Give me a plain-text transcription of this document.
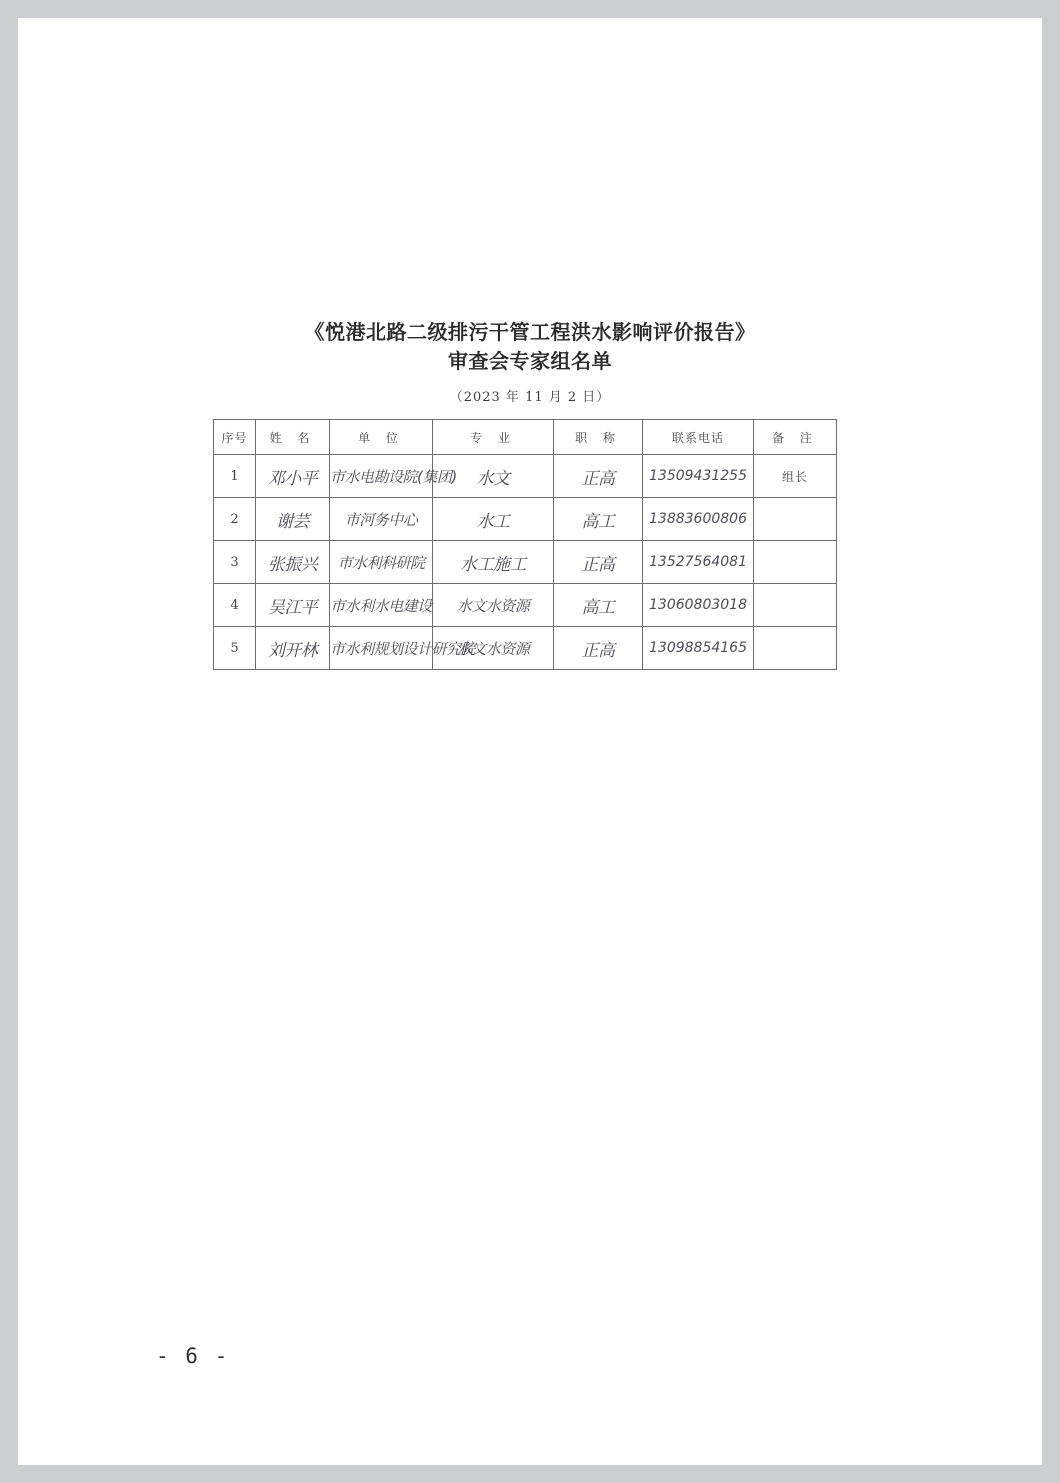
《悦港北路二级排污干管工程洪水影响评价报告》
审查会专家组名单
（2023 年 11 月 2 日）
序号	姓 名	单 位	专 业	职 称	联系电话	备 注
1	邓小平	市水电勘设院(集团)	水文	正高	13509431255	组长
2	谢芸	市河务中心	水工	高工	13883600806	
3	张振兴	市水利科研院	水工施工	正高	13527564081	
4	吴江平	市水利水电建设	水文水资源	高工	13060803018	
5	刘开林	市水利规划设计研究院	水文水资源	正高	13098854165	
- 6 -
